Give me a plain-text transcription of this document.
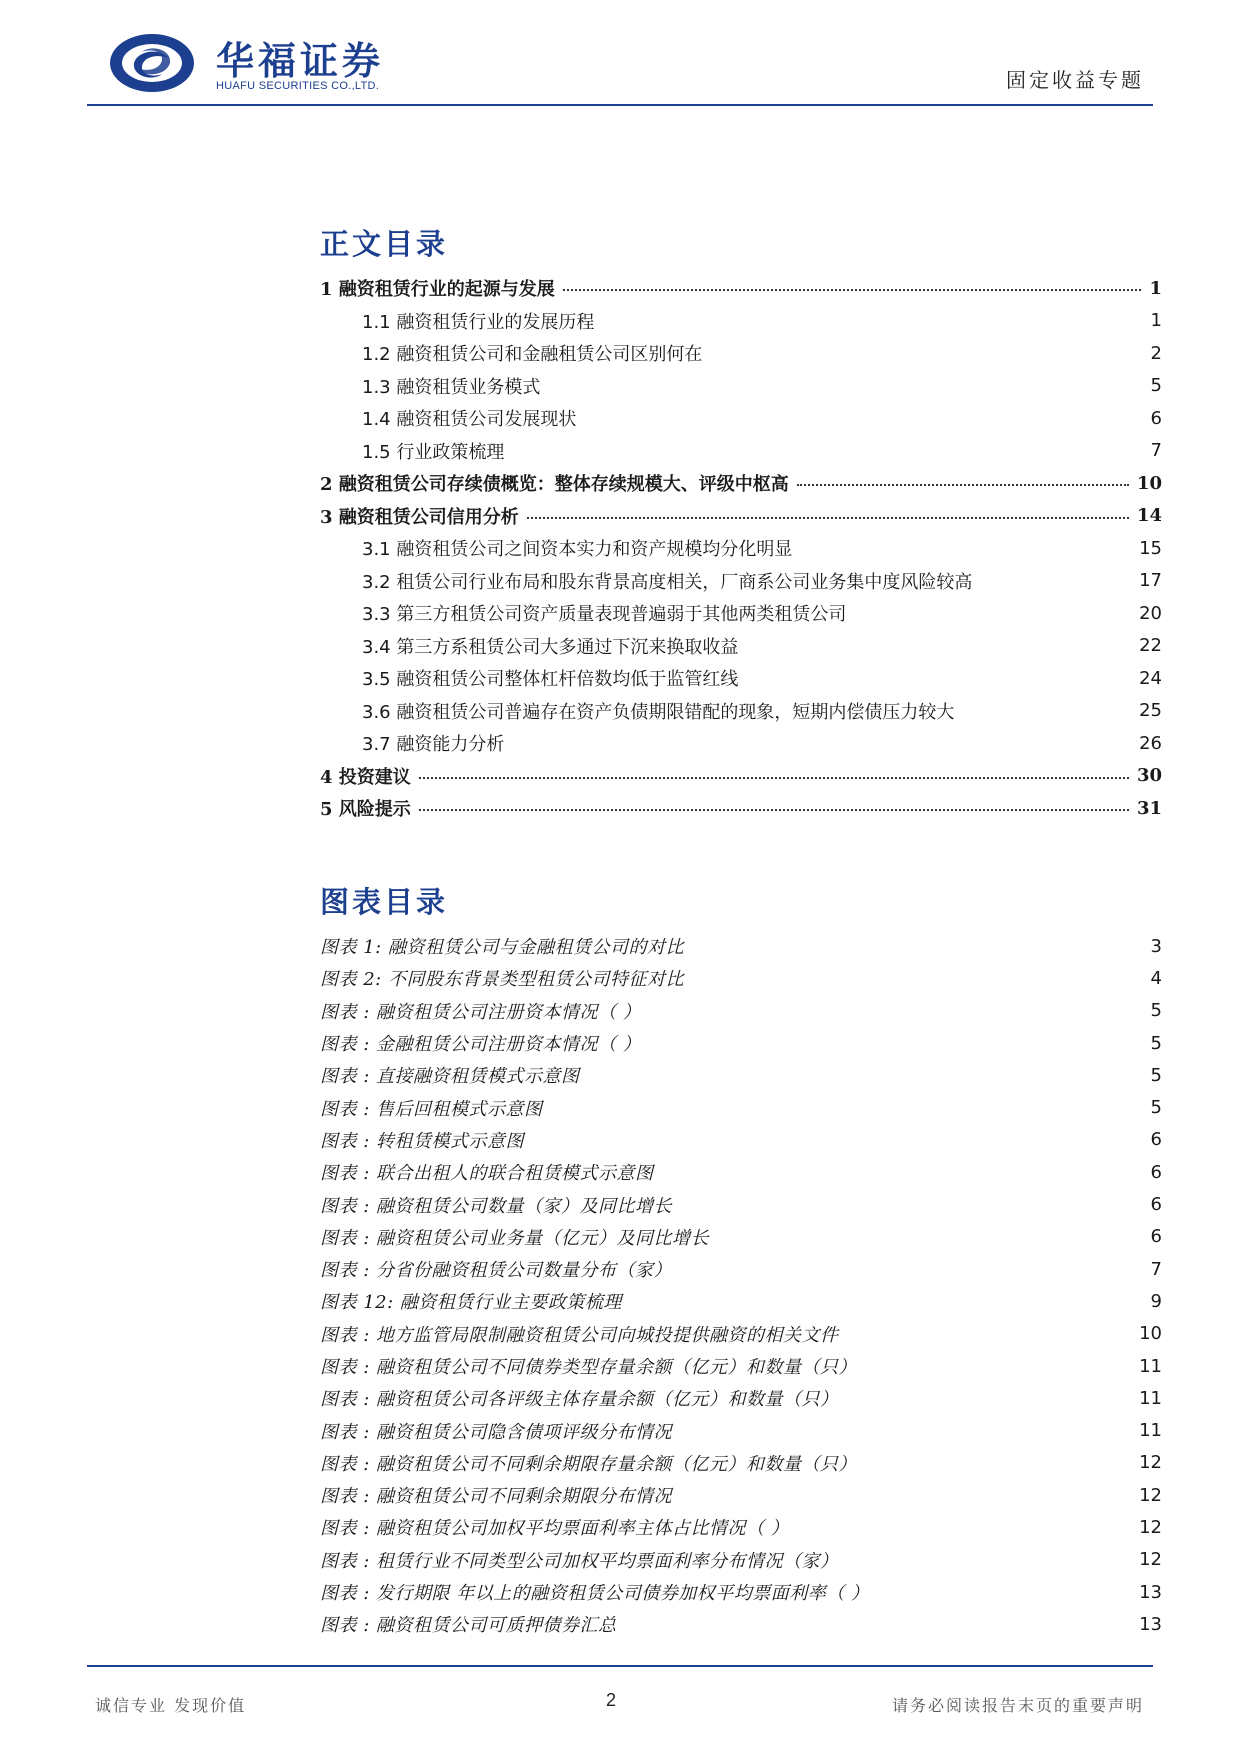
华福证券
HUAFU SECURITIES CO.,LTD.	固定收益专题
正文目录
1 融资租赁行业的起源与发展	1
1.1 融资租赁行业的发展历程	1
1.2 融资租赁公司和金融租赁公司区别何在	2
1.3 融资租赁业务模式	5
1.4 融资租赁公司发展现状	6
1.5 行业政策梳理	7
2 融资租赁公司存续债概览：整体存续规模大、评级中枢高	10
3 融资租赁公司信用分析	14
3.1 融资租赁公司之间资本实力和资产规模均分化明显	15
3.2 租赁公司行业布局和股东背景高度相关，厂商系公司业务集中度风险较高	17
3.3 第三方租赁公司资产质量表现普遍弱于其他两类租赁公司	20
3.4 第三方系租赁公司大多通过下沉来换取收益	22
3.5 融资租赁公司整体杠杆倍数均低于监管红线	24
3.6 融资租赁公司普遍存在资产负债期限错配的现象，短期内偿债压力较大	25
3.7 融资能力分析	26
4 投资建议	30
5 风险提示	31
图表目录
图表 1: 融资租赁公司与金融租赁公司的对比	3
图表 2: 不同股东背景类型租赁公司特征对比	4
图表 : 融资租赁公司注册资本情况（ ）	5
图表 : 金融租赁公司注册资本情况（ ）	5
图表 : 直接融资租赁模式示意图	5
图表 : 售后回租模式示意图	5
图表 : 转租赁模式示意图	6
图表 : 联合出租人的联合租赁模式示意图	6
图表 : 融资租赁公司数量（家）及同比增长	6
图表 : 融资租赁公司业务量（亿元）及同比增长	6
图表 : 分省份融资租赁公司数量分布（家）	7
图表 12: 融资租赁行业主要政策梳理	9
图表 : 地方监管局限制融资租赁公司向城投提供融资的相关文件	10
图表 : 融资租赁公司不同债券类型存量余额（亿元）和数量（只）	11
图表 : 融资租赁公司各评级主体存量余额（亿元）和数量（只）	11
图表 : 融资租赁公司隐含债项评级分布情况	11
图表 : 融资租赁公司不同剩余期限存量余额（亿元）和数量（只）	12
图表 : 融资租赁公司不同剩余期限分布情况	12
图表 : 融资租赁公司加权平均票面利率主体占比情况（ ）	12
图表 : 租赁行业不同类型公司加权平均票面利率分布情况（家）	12
图表 : 发行期限 年以上的融资租赁公司债券加权平均票面利率（ ）	13
图表 : 融资租赁公司可质押债券汇总	13
诚信专业 发现价值	2	请务必阅读报告末页的重要声明
